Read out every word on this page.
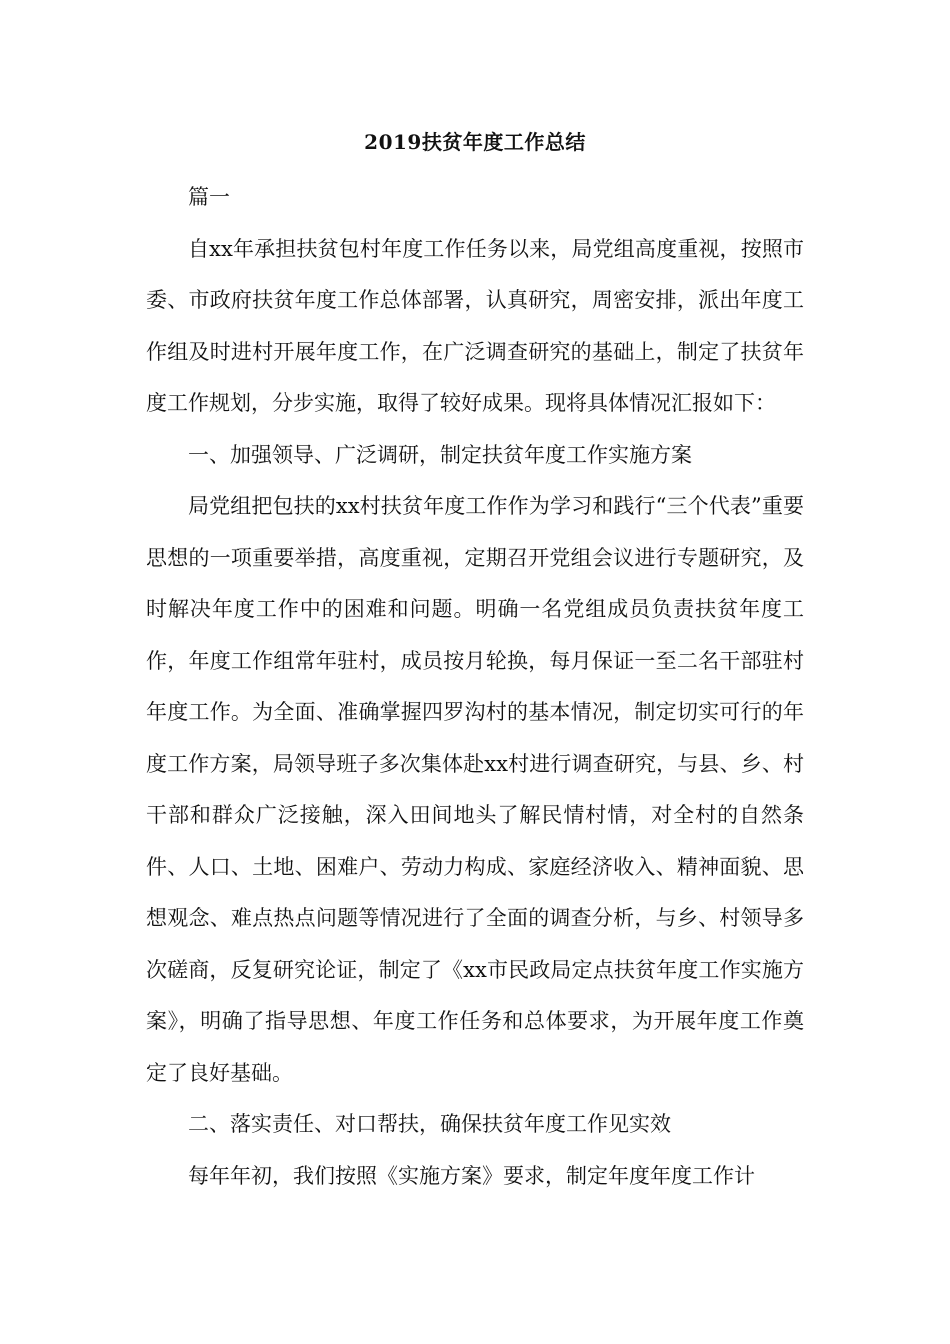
2019扶贫年度工作总结

篇一

自xx年承担扶贫包村年度工作任务以来，局党组高度重视，按照市委、市政府扶贫年度工作总体部署，认真研究，周密安排，派出年度工作组及时进村开展年度工作，在广泛调查研究的基础上，制定了扶贫年度工作规划，分步实施，取得了较好成果。现将具体情况汇报如下：

一、加强领导、广泛调研，制定扶贫年度工作实施方案

局党组把包扶的xx村扶贫年度工作作为学习和践行“三个代表”重要思想的一项重要举措，高度重视，定期召开党组会议进行专题研究，及时解决年度工作中的困难和问题。明确一名党组成员负责扶贫年度工作，年度工作组常年驻村，成员按月轮换，每月保证一至二名干部驻村年度工作。为全面、准确掌握四罗沟村的基本情况，制定切实可行的年度工作方案，局领导班子多次集体赴xx村进行调查研究，与县、乡、村干部和群众广泛接触，深入田间地头了解民情村情，对全村的自然条件、人口、土地、困难户、劳动力构成、家庭经济收入、精神面貌、思想观念、难点热点问题等情况进行了全面的调查分析，与乡、村领导多次磋商，反复研究论证，制定了《xx市民政局定点扶贫年度工作实施方案》，明确了指导思想、年度工作任务和总体要求，为开展年度工作奠定了良好基础。

二、落实责任、对口帮扶，确保扶贫年度工作见实效

每年年初，我们按照《实施方案》要求，制定年度年度工作计
